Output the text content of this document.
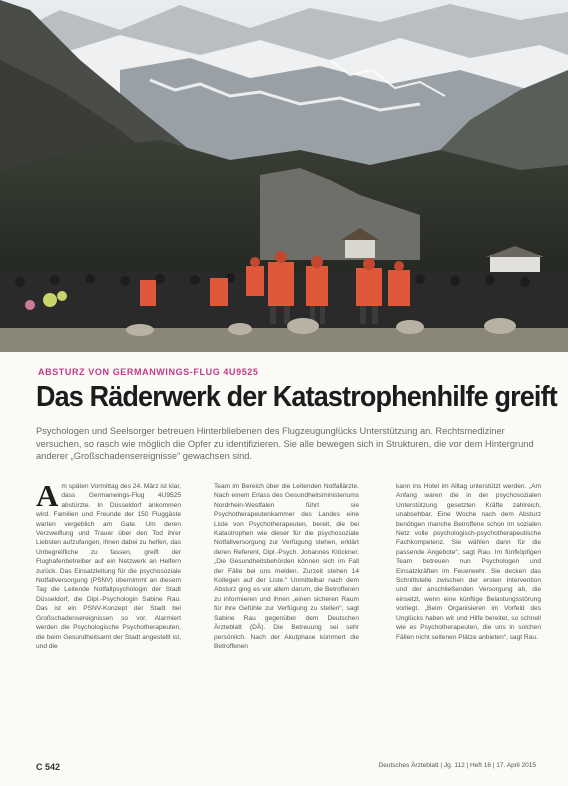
ABSTURZ VON GERMANWINGS-FLUG 4U9525
Das Räderwerk der Katastrophenhilfe greift
Psychologen und Seelsorger betreuen Hinterbliebenen des Flugzeugunglücks Unterstützung an. Rechtsmediziner versuchen, so rasch wie möglich die Opfer zu identifizieren. Sie alle bewegen sich in Strukturen, die vor dem Hintergrund anderer „Großschadensereignisse“ gewachsen sind.
Am späten Vormittag des 24. März ist klar, dass Germanwings-Flug 4U9525 abstürzte. In Düsseldorf ankommen wird. Familien und Freunde der 150 Fluggäste warten vergeblich am Gate. Um deren Verzweiflung und Trauer über den Tod ihrer Liebsten aufzufangen, ihnen dabei zu helfen, das Unbegreifliche zu fassen, greift der Flughafenbetreiber auf ein Netzwerk an Helfern zurück. Das Einsatzleitung für die psychosoziale Notfallversorgung (PSNV) übernimmt an diesem Tag die Leitende Notfallpsychologin der Stadt Düsseldorf, die Dipl.-Psychologin Sabine Rau. Das ist ein PSNV-Konzept der Stadt bei Großschadensereignissen so vor. Alarmiert werden die Psychologische Psychotherapeuten, die beim Gesundheitsamt der Stadt angestellt ist, und die
Team im Bereich über die Leitenden Notfallärzte. Nach einem Erlass des Gesundheitsministeriums Nordrhein-Westfalen führt sie Psychotherapeutenkammer des Landes eine Liste von Psychotherapeuten, bereit, die bei Katastrophen wie dieser für die psychosoziale Notfallversorgung zur Verfügung stehen, erklärt deren Referent, Dipl.-Psych. Johannes Klöckner. „Die Gesundheitsbehörden können sich im Fall der Fälle bei uns melden. Zurzeit stehen 14 Kollegen auf der Liste.“ Unmittelbar nach dem Absturz ging es vor allem darum, die Betroffenen zu informieren und ihnen „einen sicheren Raum für ihre Gefühle zur Verfügung zu stellen“, sagt Sabine Rau gegenüber dem Deutschen Ärzteblatt (DÄ). Die Betreuung sei sehr persönlich. Nach der Akutphase kümmert die Betroffenen
kann ins Hotel im Alltag unterstützt werden. „Am Anfang waren die in der psychosozialen Unterstützung gesetzten Kräfte zahlreich, unabsehbar. Eine Woche nach dem Absturz benötigen manche Betroffene schon im sozialen Netz volle psychologisch-psychotherapeutische Fachkompetenz. Sie wählen dann für die passende Angebote“, sagt Rau. Im fünfköpfigen Team betreuen nun Psychologen und Einsatzkräften im Feuerwehr. Sie decken das Schnittstelle zwischen der ersten Intervention und der anschließenden Versorgung ab, die einsetzt, wenn eine künftige Belastungsstörung vorliegt. „Beim Organisieren im Vorfeld des Unglücks haben wir und Hilfe bereitet, so schnell wie es Psychotherapeuten, die uns in solchen Fällen nicht seltenen Plätze anbieten“, sagt Rau.
C 542	Deutsches Ärzteblatt | Jg. 112 | Heft 16 | 17. April 2015
